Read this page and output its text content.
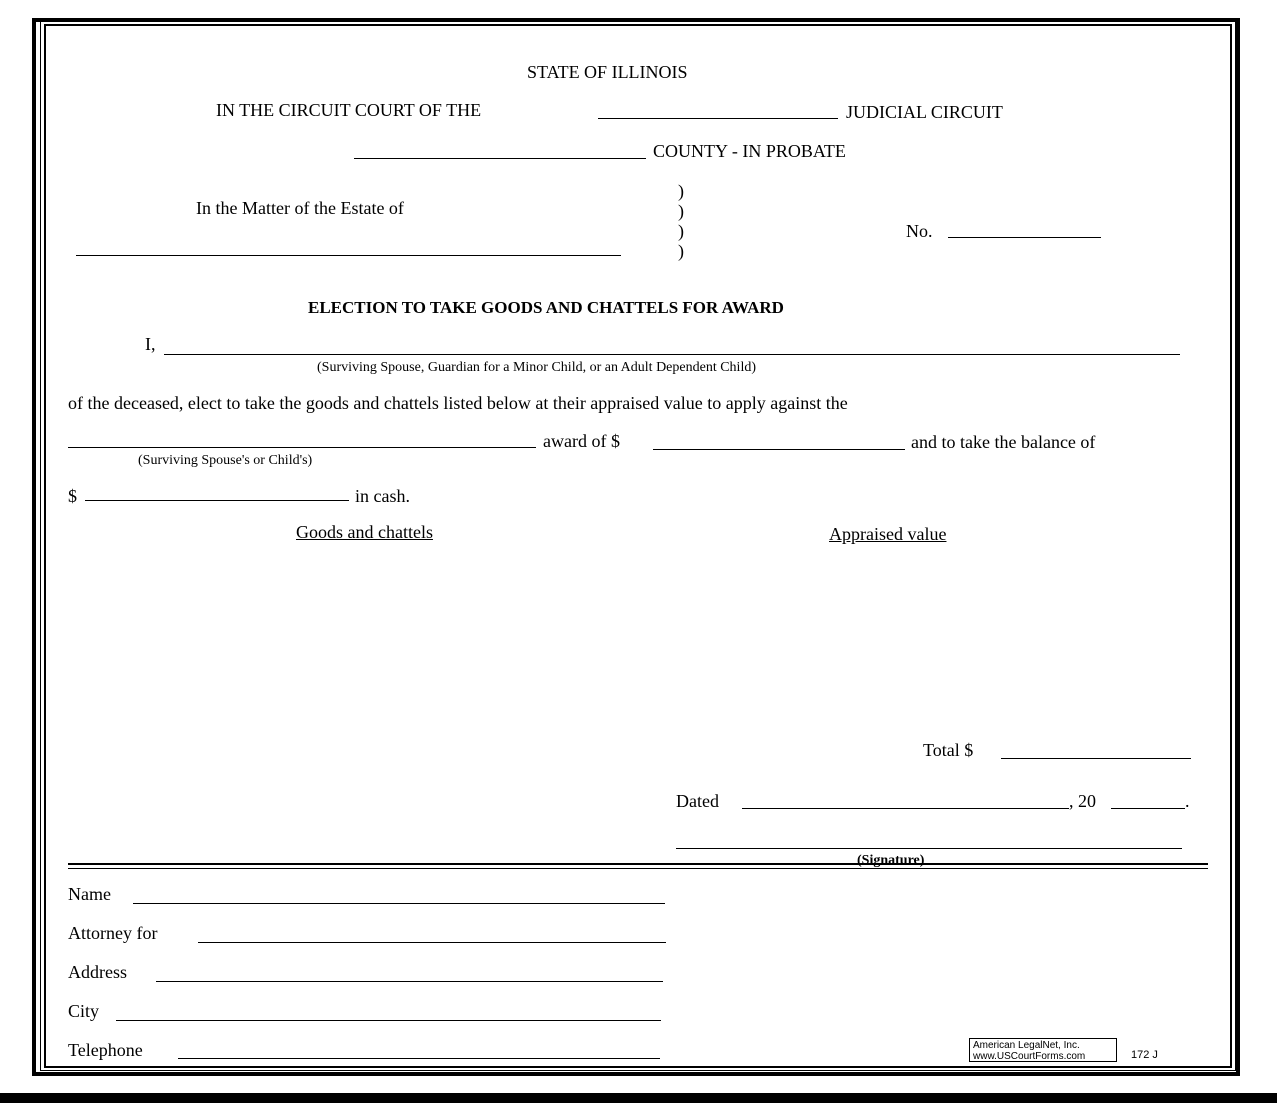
STATE OF ILLINOIS
IN THE CIRCUIT COURT OF THE	JUDICIAL CIRCUIT
COUNTY - IN PROBATE
In the Matter of the Estate of
)
)
)
)
No.
ELECTION TO TAKE GOODS AND CHATTELS FOR AWARD
I,
(Surviving Spouse, Guardian for a Minor Child, or an Adult Dependent Child)
of the deceased, elect to take the goods and chattels listed below at their appraised value to apply against the
award of $	and to take the balance of
(Surviving Spouse's or Child's)
$	in cash.
Goods and chattels	Appraised value
Total $
Dated	, 20	.
(Signature)
Name
Attorney for
Address
City
Telephone	American LegalNet, Inc.
www.USCourtForms.com	172 J
